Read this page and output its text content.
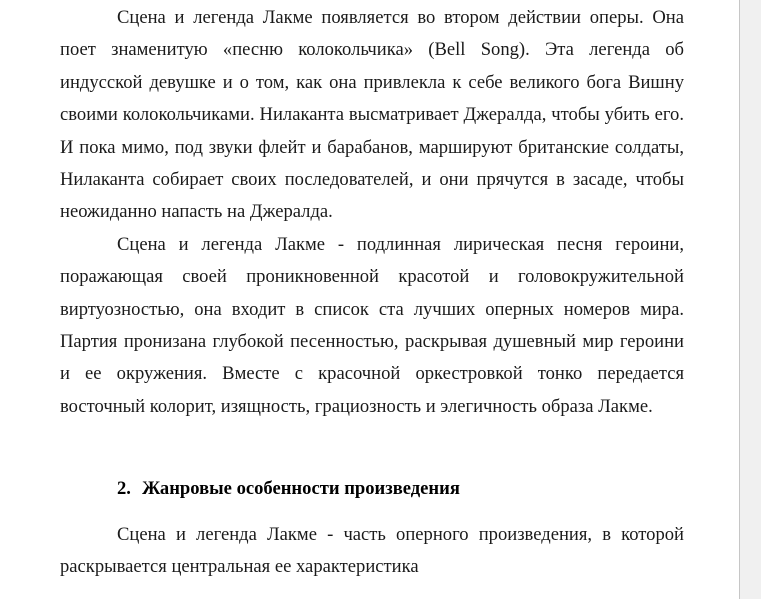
Сцена и легенда Лакме появляется во втором действии оперы. Она поет знаменитую «песню колокольчика» (Bell Song). Эта легенда об индусской девушке и о том, как она привлекла к себе великого бога Вишну своими колокольчиками. Нилаканта высматривает Джералда, чтобы убить его. И пока мимо, под звуки флейт и барабанов, маршируют британские солдаты, Нилаканта собирает своих последователей, и они прячутся в засаде, чтобы неожиданно напасть на Джералда.

Сцена и легенда Лакме - подлинная лирическая песня героини, поражающая своей проникновенной красотой и головокружительной виртуозностью, она входит в список ста лучших оперных номеров мира. Партия пронизана глубокой песенностью, раскрывая душевный мир героини и ее окружения. Вместе с красочной оркестровкой тонко передается восточный колорит, изящность, грациозность и элегичность образа Лакме.

2. Жанровые особенности произведения

Сцена и легенда Лакме - часть оперного произведения, в которой раскрывается центральная ее характеристика
